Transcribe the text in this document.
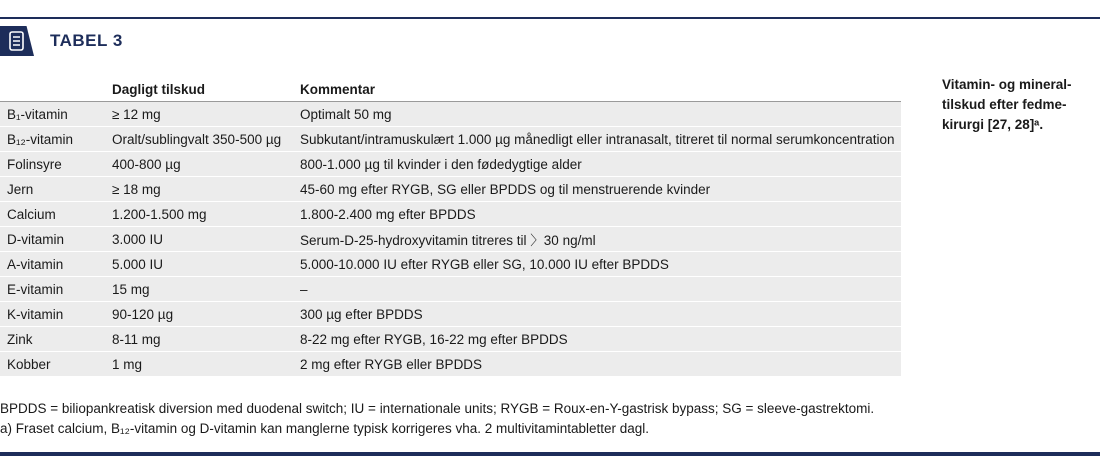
TABEL 3
	Dagligt tilskud	Kommentar
B₁-vitamin	≥ 12 mg	Optimalt 50 mg
B₁₂-vitamin	Oralt/sublingvalt 350-500 µg	Subkutant/intramuskulært 1.000 µg månedligt eller intranasalt, titreret til normal serumkoncentration
Folinsyre	400-800 µg	800-1.000 µg til kvinder i den fødedygtige alder
Jern	≥ 18 mg	45-60 mg efter RYGB, SG eller BPDDS og til menstruerende kvinder
Calcium	1.200-1.500 mg	1.800-2.400 mg efter BPDDS
D-vitamin	3.000 IU	Serum-D-25-hydroxyvitamin titreres til 〉30 ng/ml
A-vitamin	5.000 IU	5.000-10.000 IU efter RYGB eller SG, 10.000 IU efter BPDDS
E-vitamin	15 mg	–
K-vitamin	90-120 µg	300 µg efter BPDDS
Zink	8-11 mg	8-22 mg efter RYGB, 16-22 mg efter BPDDS
Kobber	1 mg	2 mg efter RYGB eller BPDDS
Vitamin- og mineral-tilskud efter fedme-kirurgi [27, 28]ᵃ.

BPDDS = biliopankreatisk diversion med duodenal switch; IU = internationale units; RYGB = Roux-en-Y-gastrisk bypass; SG = sleeve-gastrektomi.

a) Fraset calcium, B₁₂-vitamin og D-vitamin kan manglerne typisk korrigeres vha. 2 multivitamintabletter dagl.
